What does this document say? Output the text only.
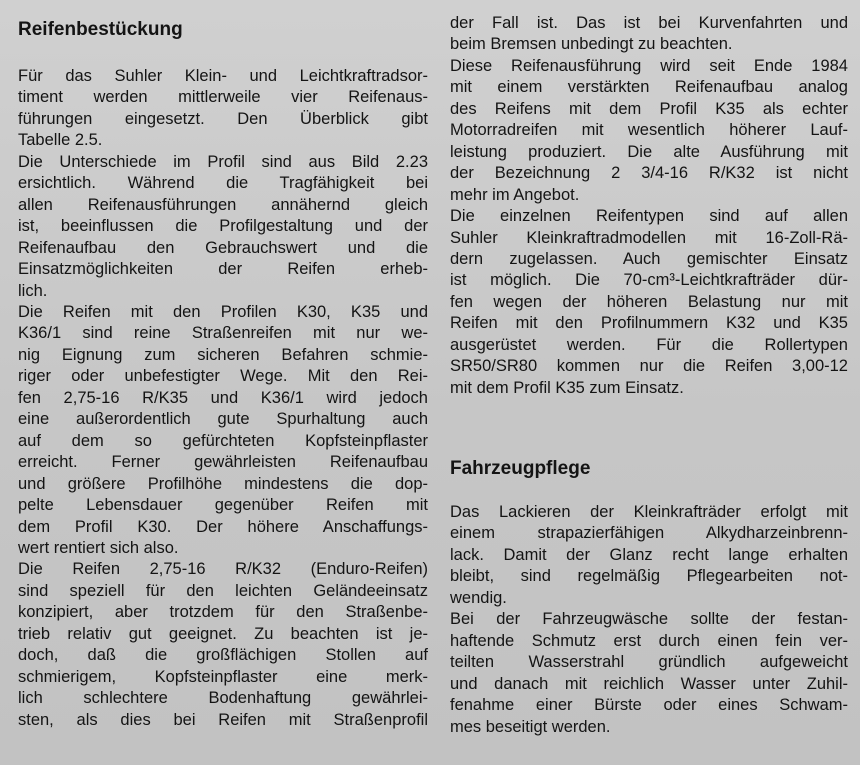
Reifenbestückung
Für das Suhler Klein- und Leichtkraftradsor-
timent werden mittlerweile vier Reifenaus-
führungen eingesetzt. Den Überblick gibt
Tabelle 2.5.
Die Unterschiede im Profil sind aus Bild 2.23
ersichtlich. Während die Tragfähigkeit bei
allen Reifenausführungen annähernd gleich
ist, beeinflussen die Profilgestaltung und der
Reifenaufbau den Gebrauchswert und die
Einsatzmöglichkeiten der Reifen erheb-
lich.
Die Reifen mit den Profilen K30, K35 und
K36/1 sind reine Straßenreifen mit nur we-
nig Eignung zum sicheren Befahren schmie-
riger oder unbefestigter Wege. Mit den Rei-
fen 2,75-16 R/K35 und K36/1 wird jedoch
eine außerordentlich gute Spurhaltung auch
auf dem so gefürchteten Kopfsteinpflaster
erreicht. Ferner gewährleisten Reifenaufbau
und größere Profilhöhe mindestens die dop-
pelte Lebensdauer gegenüber Reifen mit
dem Profil K30. Der höhere Anschaffungs-
wert rentiert sich also.
Die Reifen 2,75-16 R/K32 (Enduro-Reifen)
sind speziell für den leichten Geländeeinsatz
konzipiert, aber trotzdem für den Straßenbe-
trieb relativ gut geeignet. Zu beachten ist je-
doch, daß die großflächigen Stollen auf
schmierigem, Kopfsteinpflaster eine merk-
lich schlechtere Bodenhaftung gewährlei-
sten, als dies bei Reifen mit Straßenprofil
der Fall ist. Das ist bei Kurvenfahrten und
beim Bremsen unbedingt zu beachten.
Diese Reifenausführung wird seit Ende 1984
mit einem verstärkten Reifenaufbau analog
des Reifens mit dem Profil K35 als echter
Motorradreifen mit wesentlich höherer Lauf-
leistung produziert. Die alte Ausführung mit
der Bezeichnung 2 3/4-16 R/K32 ist nicht
mehr im Angebot.
Die einzelnen Reifentypen sind auf allen
Suhler Kleinkraftradmodellen mit 16-Zoll-Rä-
dern zugelassen. Auch gemischter Einsatz
ist möglich. Die 70-cm³-Leichtkrafträder dür-
fen wegen der höheren Belastung nur mit
Reifen mit den Profilnummern K32 und K35
ausgerüstet werden. Für die Rollertypen
SR50/SR80 kommen nur die Reifen 3,00-12
mit dem Profil K35 zum Einsatz.
Fahrzeugpflege
Das Lackieren der Kleinkrafträder erfolgt mit
einem strapazierfähigen Alkydharzeinbrenn-
lack. Damit der Glanz recht lange erhalten
bleibt, sind regelmäßig Pflegearbeiten not-
wendig.
Bei der Fahrzeugwäsche sollte der festan-
haftende Schmutz erst durch einen fein ver-
teilten Wasserstrahl gründlich aufgeweicht
und danach mit reichlich Wasser unter Zuhil-
fenahme einer Bürste oder eines Schwam-
mes beseitigt werden.
